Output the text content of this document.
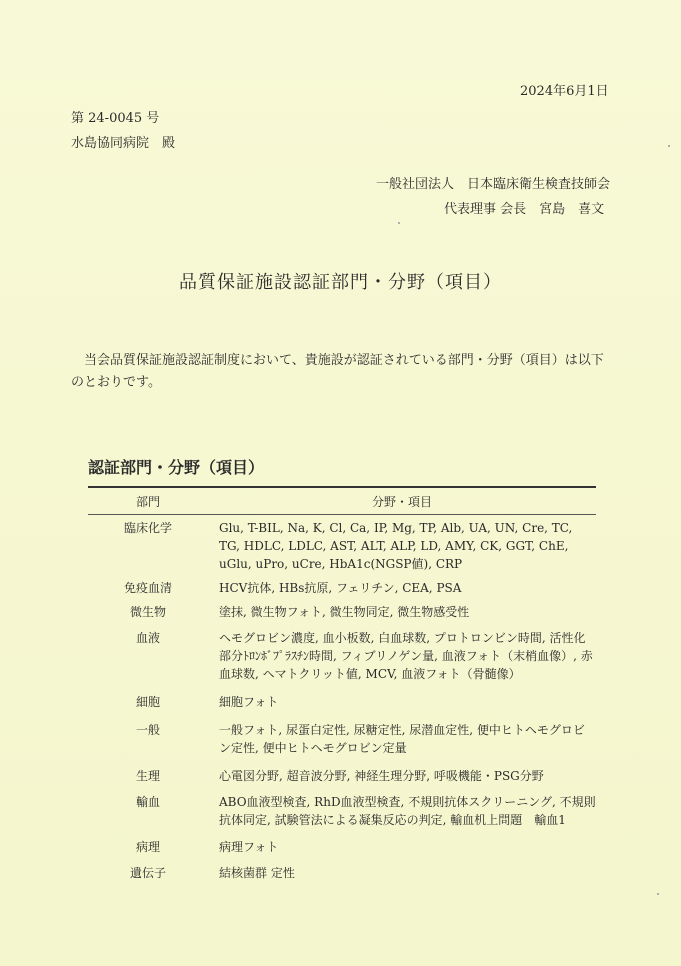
2024年6月1日
第 24-0045 号
水島協同病院　殿
一般社団法人　日本臨床衛生検査技師会
代表理事 会長　宮島　喜文
品質保証施設認証部門・分野（項目）
当会品質保証施設認証制度において、貴施設が認証されている部門・分野（項目）は以下のとおりです。
認証部門・分野（項目）
部門	分野・項目
臨床化学	Glu, T-BIL, Na, K, Cl, Ca, IP, Mg, TP, Alb, UA, UN, Cre, TC, TG, HDLC, LDLC, AST, ALT, ALP, LD, AMY, CK, GGT, ChE, uGlu, uPro, uCre, HbA1c(NGSP値), CRP
免疫血清	HCV抗体, HBs抗原, フェリチン, CEA, PSA
微生物	塗抹, 微生物フォト, 微生物同定, 微生物感受性
血液	ヘモグロビン濃度, 血小板数, 白血球数, プロトロンビン時間, 活性化部分ﾄﾛﾝﾎﾞﾌﾟﾗｽﾁﾝ時間, フィブリノゲン量, 血液フォト（末梢血像）, 赤血球数, ヘマトクリット値, MCV, 血液フォト（骨髄像）
細胞	細胞フォト
一般	一般フォト, 尿蛋白定性, 尿糖定性, 尿潜血定性, 便中ヒトヘモグロビン定性, 便中ヒトヘモグロビン定量
生理	心電図分野, 超音波分野, 神経生理分野, 呼吸機能・PSG分野
輸血	ABO血液型検査, RhD血液型検査, 不規則抗体スクリーニング, 不規則抗体同定, 試験管法による凝集反応の判定, 輸血机上問題　輸血1
病理	病理フォト
遺伝子	結核菌群 定性
